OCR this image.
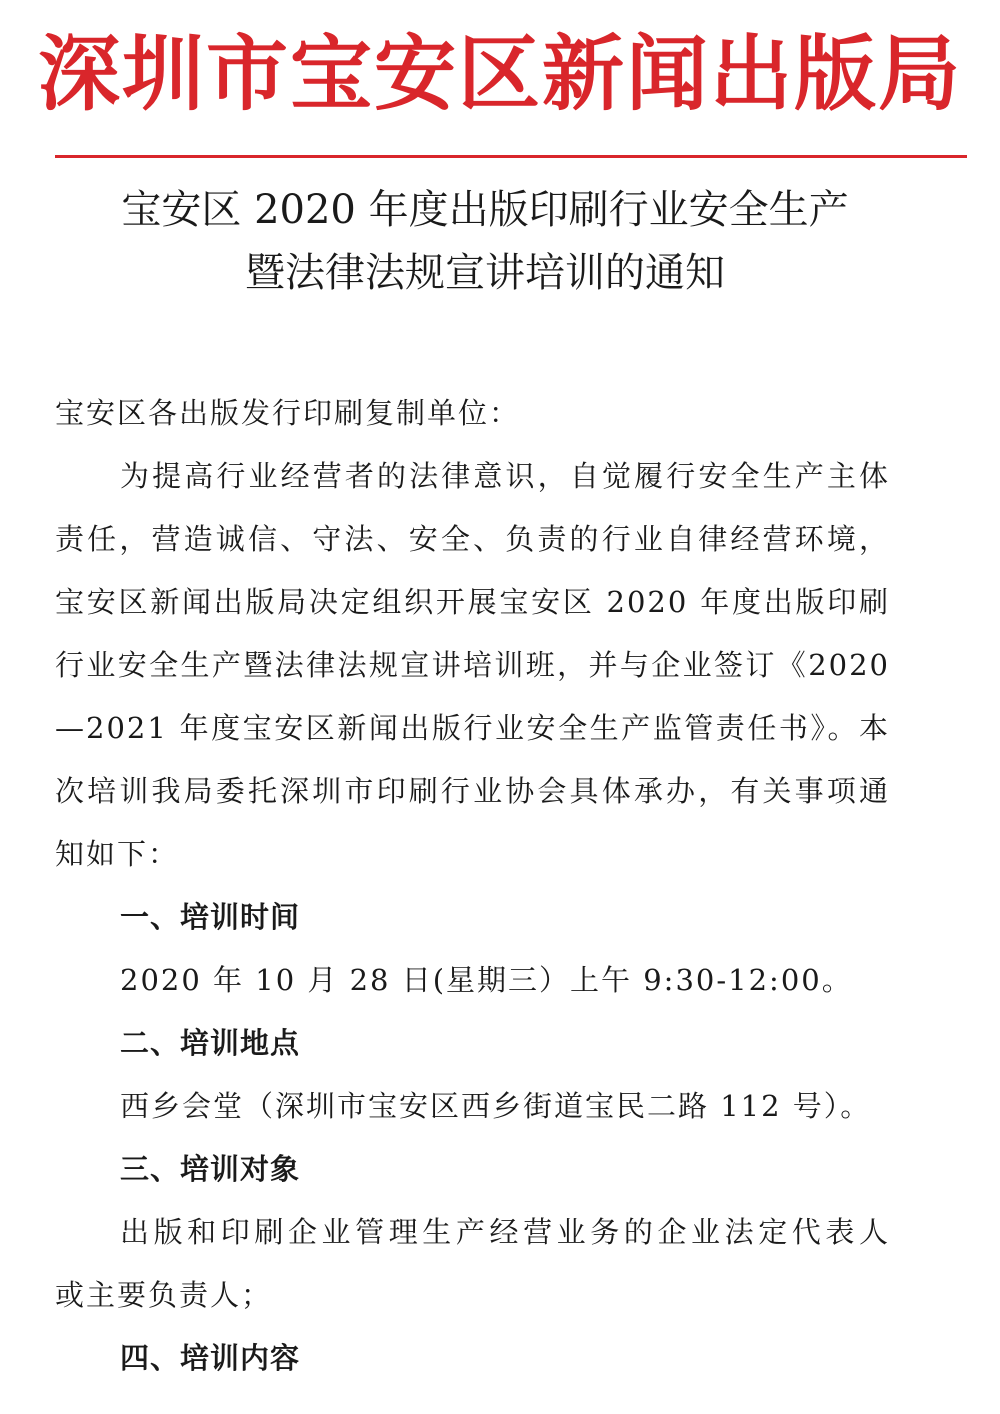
深圳市宝安区新闻出版局
宝安区 2020 年度出版印刷行业安全生产
暨法律法规宣讲培训的通知
宝安区各出版发行印刷复制单位：
为提高行业经营者的法律意识，自觉履行安全生产主体
责任，营造诚信、守法、安全、负责的行业自律经营环境，
宝安区新闻出版局决定组织开展宝安区 2020 年度出版印刷
行业安全生产暨法律法规宣讲培训班，并与企业签订《2020
—2021 年度宝安区新闻出版行业安全生产监管责任书》。本
次培训我局委托深圳市印刷行业协会具体承办，有关事项通
知如下：
一、培训时间
2020 年 10 月 28 日(星期三）上午 9:30-12:00。
二、培训地点
西乡会堂（深圳市宝安区西乡街道宝民二路 112 号）。
三、培训对象
出版和印刷企业管理生产经营业务的企业法定代表人
或主要负责人；
四、培训内容
